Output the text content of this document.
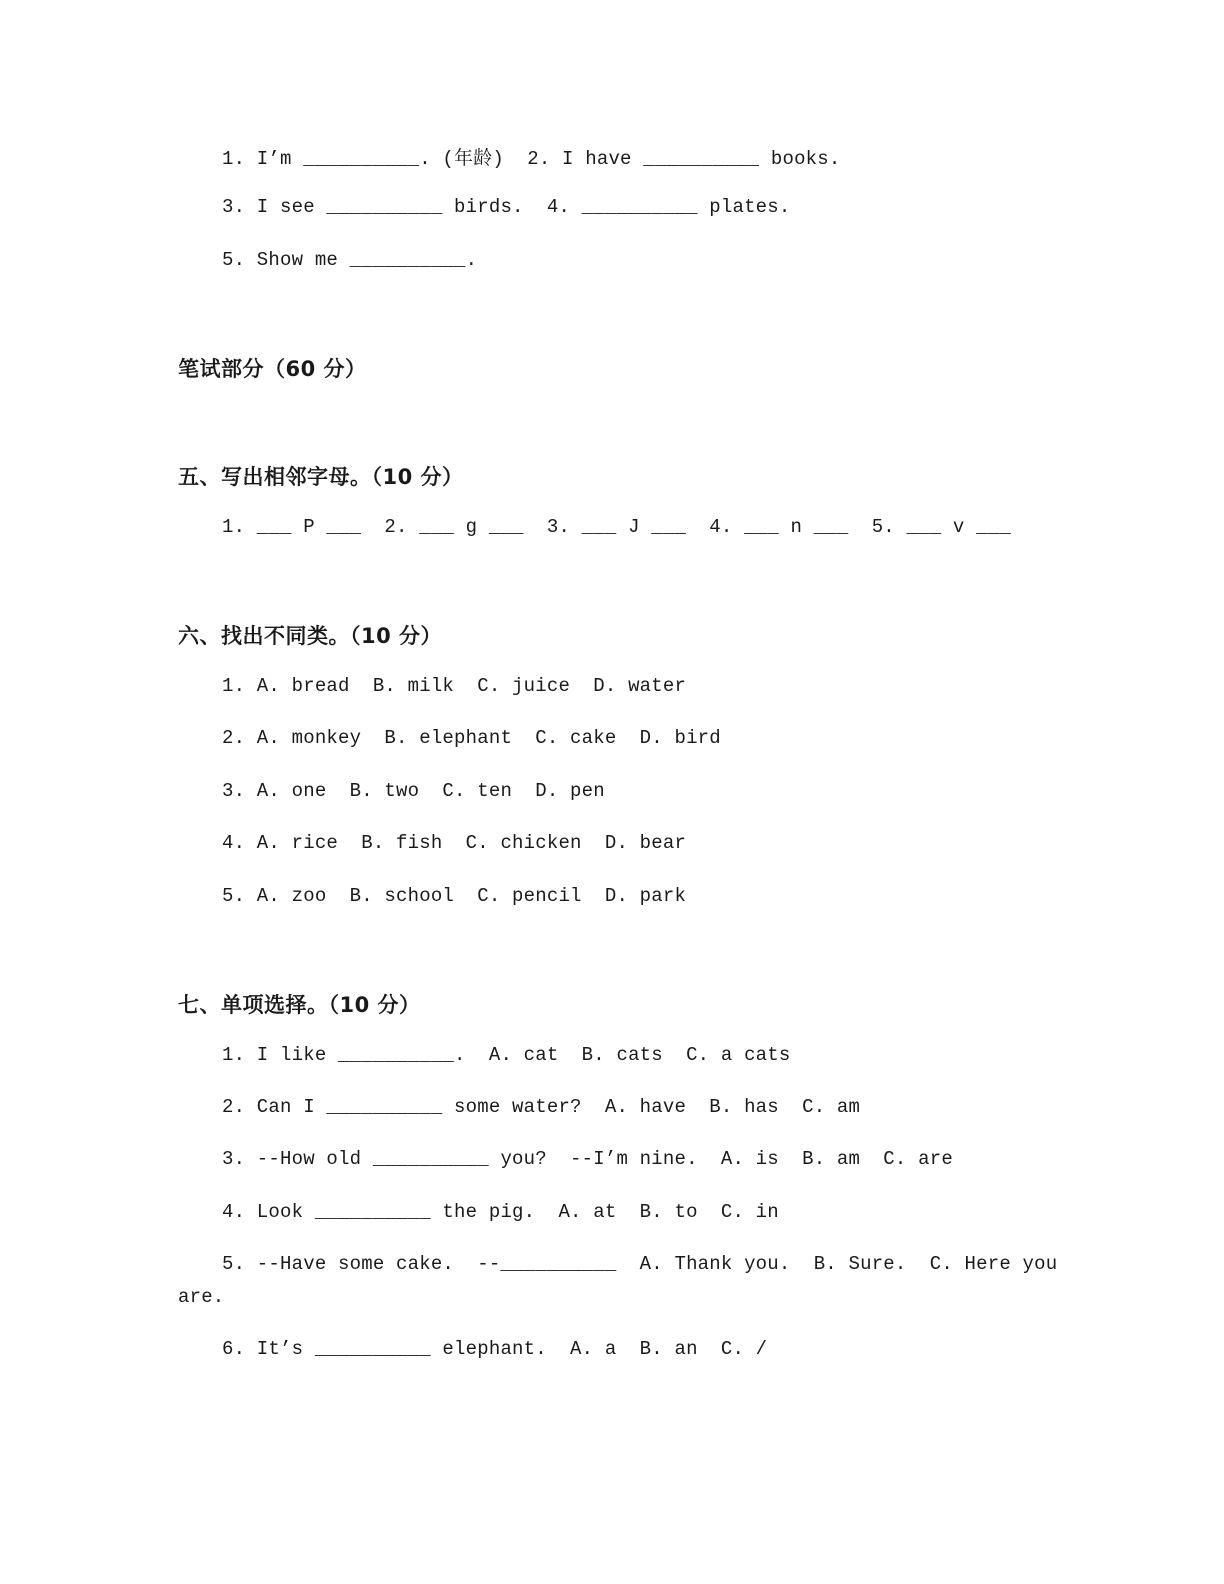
1. I’m __________. (年龄)  2. I have __________ books.
3. I see __________ birds.  4. __________ plates.
5. Show me __________.
笔试部分（60 分）
五、写出相邻字母。（10 分）
1. ___ P ___  2. ___ g ___  3. ___ J ___  4. ___ n ___  5. ___ v ___
六、找出不同类。（10 分）
1. A. bread  B. milk  C. juice  D. water
2. A. monkey  B. elephant  C. cake  D. bird
3. A. one  B. two  C. ten  D. pen
4. A. rice  B. fish  C. chicken  D. bear
5. A. zoo  B. school  C. pencil  D. park
七、单项选择。（10 分）
1. I like __________.  A. cat  B. cats  C. a cats
2. Can I __________ some water?  A. have  B. has  C. am
3. --How old __________ you?  --I’m nine.  A. is  B. am  C. are
4. Look __________ the pig.  A. at  B. to  C. in
5. --Have some cake.  --__________  A. Thank you.  B. Sure.  C. Here you
are.
6. It’s __________ elephant.  A. a  B. an  C. /
